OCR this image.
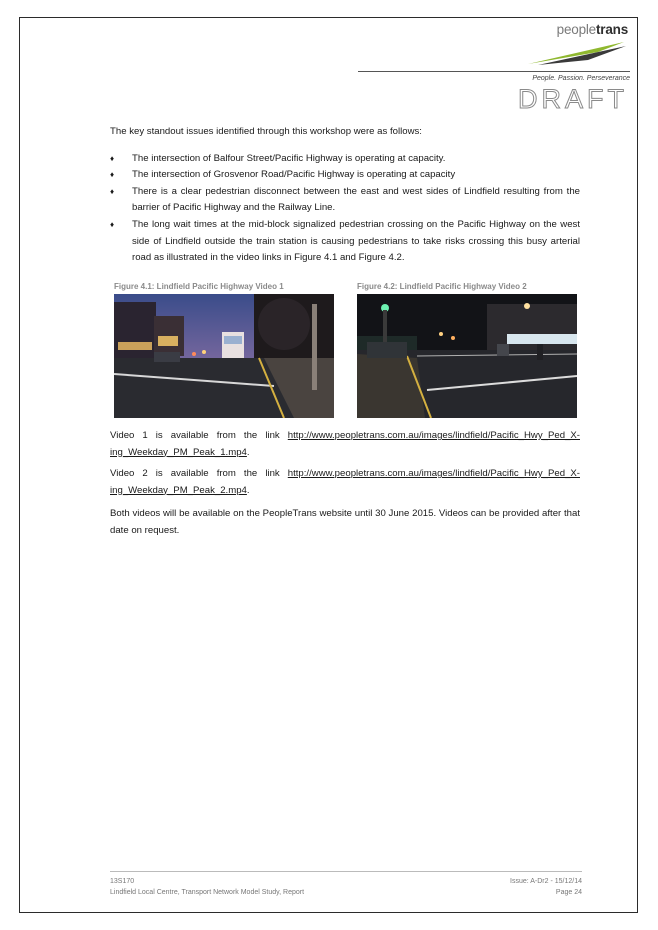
peopletrans
People. Passion. Perseverance
DRAFT

The key standout issues identified through this workshop were as follows:

♦ The intersection of Balfour Street/Pacific Highway is operating at capacity.
♦ The intersection of Grosvenor Road/Pacific Highway is operating at capacity
♦ There is a clear pedestrian disconnect between the east and west sides of Lindfield resulting from the barrier of Pacific Highway and the Railway Line.
♦ The long wait times at the mid-block signalized pedestrian crossing on the Pacific Highway on the west side of Lindfield outside the train station is causing pedestrians to take risks crossing this busy arterial road as illustrated in the video links in Figure 4.1 and Figure 4.2.
Figure 4.1: Lindfield Pacific Highway Video 1	Figure 4.2: Lindfield Pacific Highway Video 2

Video 1 is available from the link http://www.peopletrans.com.au/images/lindfield/Pacific_Hwy_Ped_X-ing_Weekday_PM_Peak_1.mp4.

Video 2 is available from the link http://www.peopletrans.com.au/images/lindfield/Pacific_Hwy_Ped_X-ing_Weekday_PM_Peak_2.mp4.

Both videos will be available on the PeopleTrans website until 30 June 2015. Videos can be provided after that date on request.

13S170
Lindfield Local Centre, Transport Network Model Study, Report
Issue: A-Dr2 - 15/12/14
Page 24
